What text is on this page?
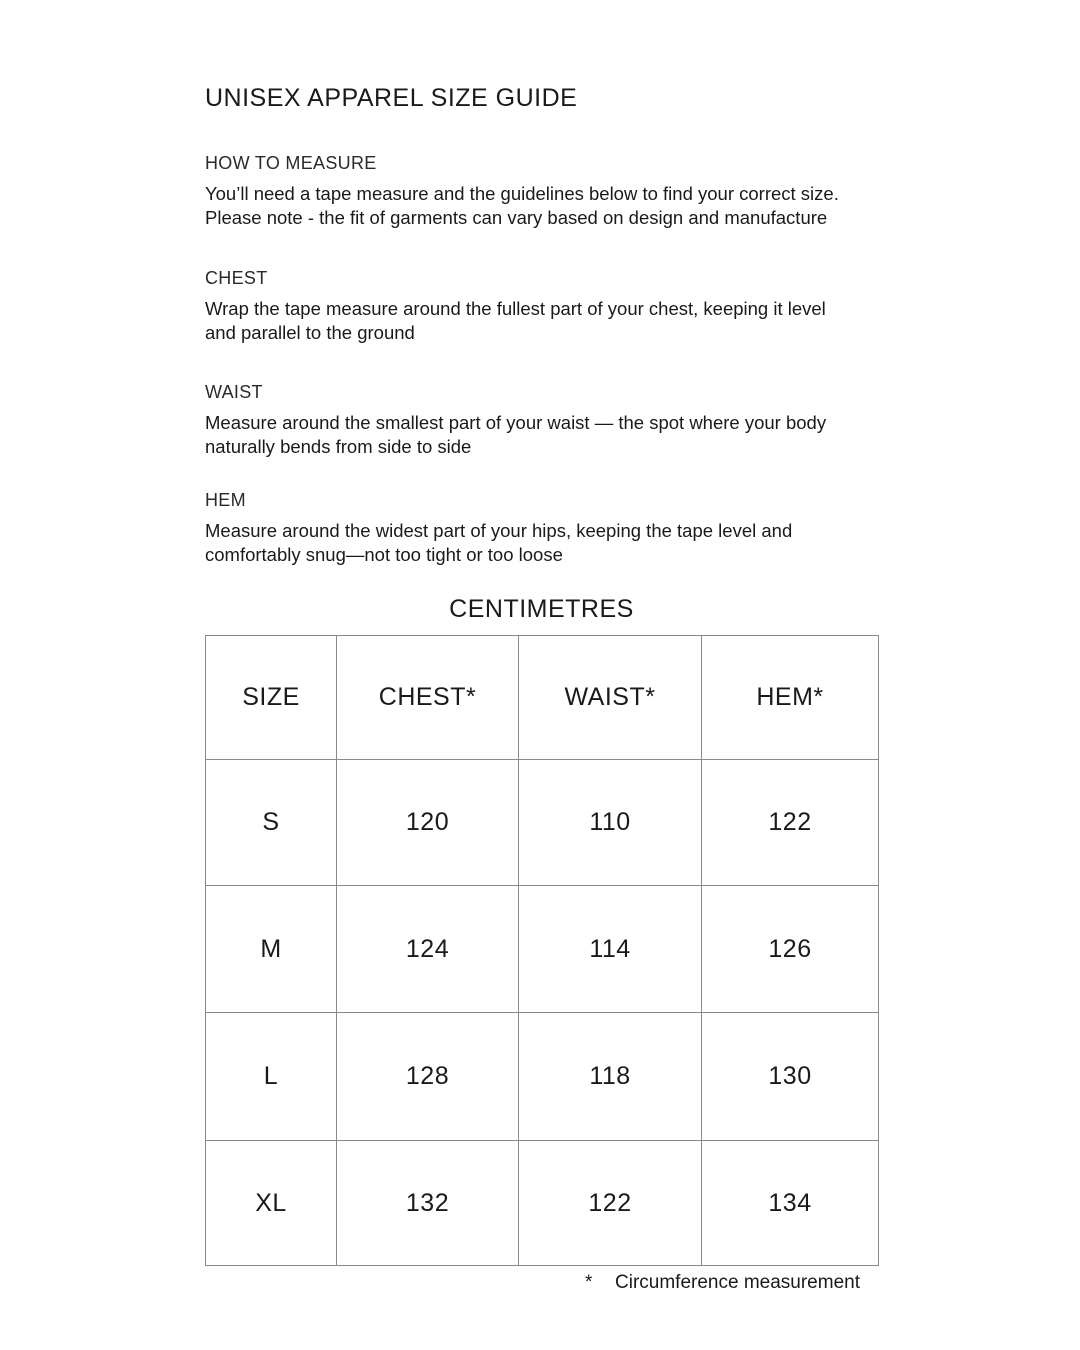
UNISEX APPAREL SIZE GUIDE
HOW TO MEASURE

You’ll need a tape measure and the guidelines below to find your correct size.
Please note - the fit of garments can vary based on design and manufacture

CHEST

Wrap the tape measure around the fullest part of your chest, keeping it level
and parallel to the ground

WAIST

Measure around the smallest part of your waist — the spot where your body
naturally bends from side to side

HEM

Measure around the widest part of your hips, keeping the tape level and
comfortably snug—not too tight or too loose

CENTIMETRES
SIZE	CHEST*	WAIST*	HEM*
S	120	110	122
M	124	114	126
L	128	118	130
XL	132	122	134
* Circumference measurement
